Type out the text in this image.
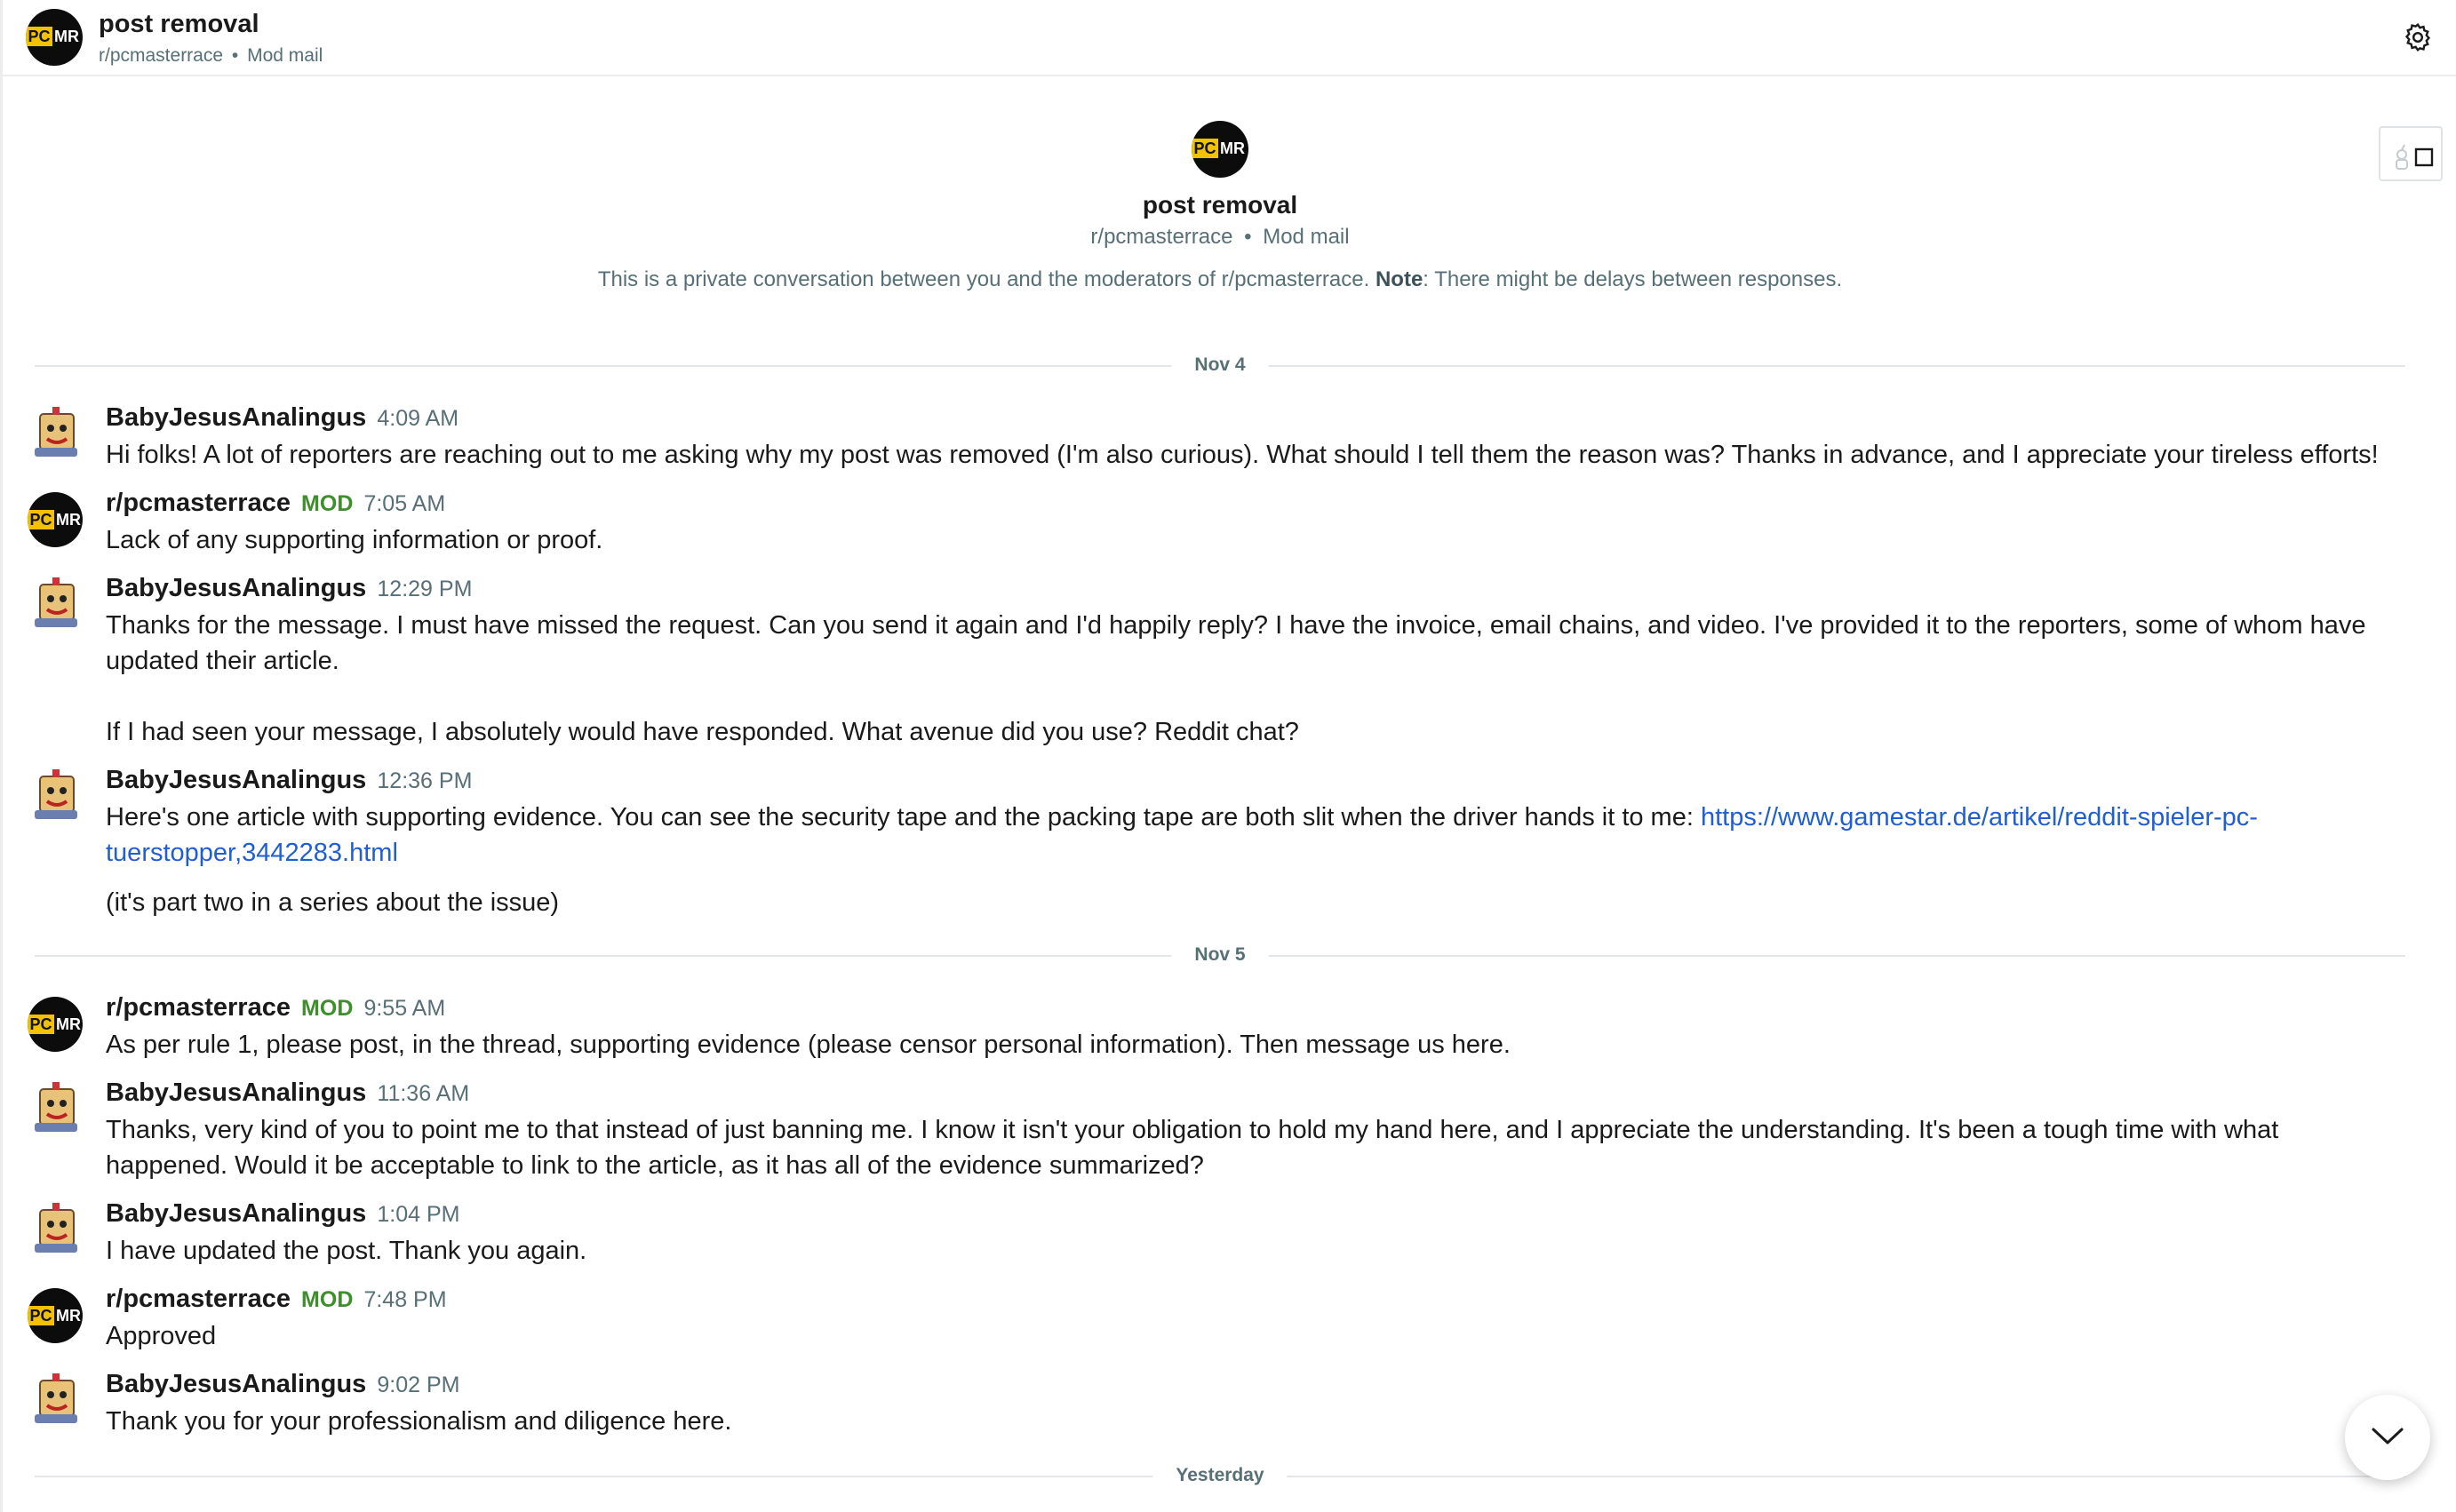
PC MR post removal
r/pcmasterrace • Mod mail
PC MR
post removal
r/pcmasterrace • Mod mail
This is a private conversation between you and the moderators of r/pcmasterrace. Note: There might be delays between responses.
Nov 4
BabyJesusAnalingus 4:09 AM

Hi folks! A lot of reporters are reaching out to me asking why my post was removed (I'm also curious). What should I tell them the reason was? Thanks in advance, and I appreciate your tireless efforts!

PC MR
r/pcmasterrace MOD 7:05 AM

Lack of any supporting information or proof.

BabyJesusAnalingus 12:29 PM

Thanks for the message. I must have missed the request. Can you send it again and I'd happily reply? I have the invoice, email chains, and video. I've provided it to the reporters, some of whom have updated their article.

If I had seen your message, I absolutely would have responded. What avenue did you use? Reddit chat?

BabyJesusAnalingus 12:36 PM

Here's one article with supporting evidence. You can see the security tape and the packing tape are both slit when the driver hands it to me: https://www.gamestar.de/artikel/reddit-spieler-pc-tuerstopper,3442283.html

(it's part two in a series about the issue)

Nov 5
PC MR
r/pcmasterrace MOD 9:55 AM

As per rule 1, please post, in the thread, supporting evidence (please censor personal information). Then message us here.

BabyJesusAnalingus 11:36 AM

Thanks, very kind of you to point me to that instead of just banning me. I know it isn't your obligation to hold my hand here, and I appreciate the understanding. It's been a tough time with what happened. Would it be acceptable to link to the article, as it has all of the evidence summarized?

BabyJesusAnalingus 1:04 PM

I have updated the post. Thank you again.

PC MR
r/pcmasterrace MOD 7:48 PM

Approved

BabyJesusAnalingus 9:02 PM

Thank you for your professionalism and diligence here.

Yesterday
